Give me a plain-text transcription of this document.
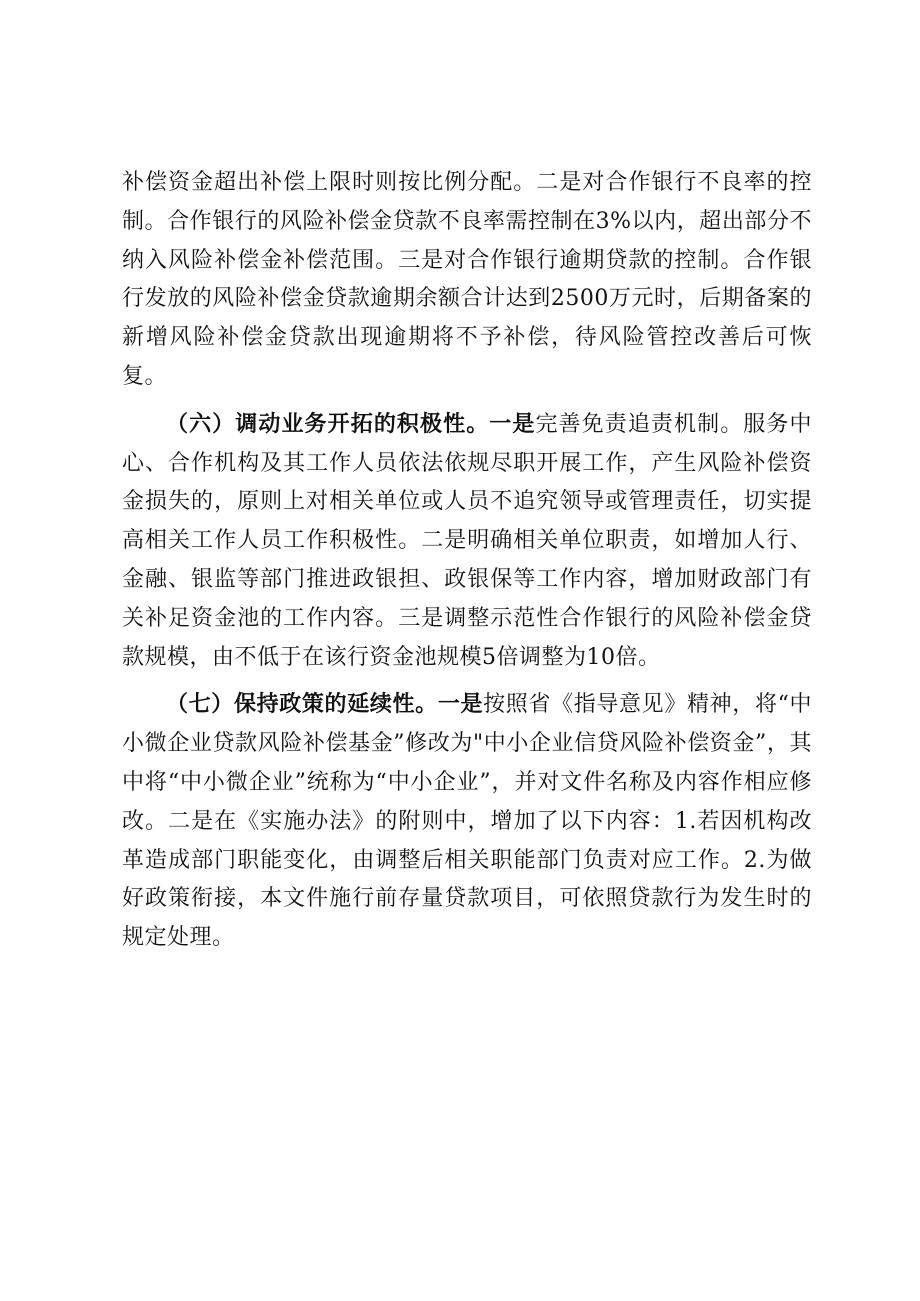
补偿资金超出补偿上限时则按比例分配。二是对合作银行不良率的控制。合作银行的风险补偿金贷款不良率需控制在3%以内，超出部分不纳入风险补偿金补偿范围。三是对合作银行逾期贷款的控制。合作银行发放的风险补偿金贷款逾期余额合计达到2500万元时，后期备案的新增风险补偿金贷款出现逾期将不予补偿，待风险管控改善后可恢复。

（六）调动业务开拓的积极性。一是完善免责追责机制。服务中心、合作机构及其工作人员依法依规尽职开展工作，产生风险补偿资金损失的，原则上对相关单位或人员不追究领导或管理责任，切实提高相关工作人员工作积极性。二是明确相关单位职责，如增加人行、金融、银监等部门推进政银担、政银保等工作内容，增加财政部门有关补足资金池的工作内容。三是调整示范性合作银行的风险补偿金贷款规模，由不低于在该行资金池规模5倍调整为10倍。

（七）保持政策的延续性。一是按照省《指导意见》精神，将“中小微企业贷款风险补偿基金”修改为"中小企业信贷风险补偿资金”，其中将“中小微企业”统称为“中小企业”，并对文件名称及内容作相应修改。二是在《实施办法》的附则中，增加了以下内容：1.若因机构改革造成部门职能变化，由调整后相关职能部门负责对应工作。2.为做好政策衔接，本文件施行前存量贷款项目，可依照贷款行为发生时的规定处理。
